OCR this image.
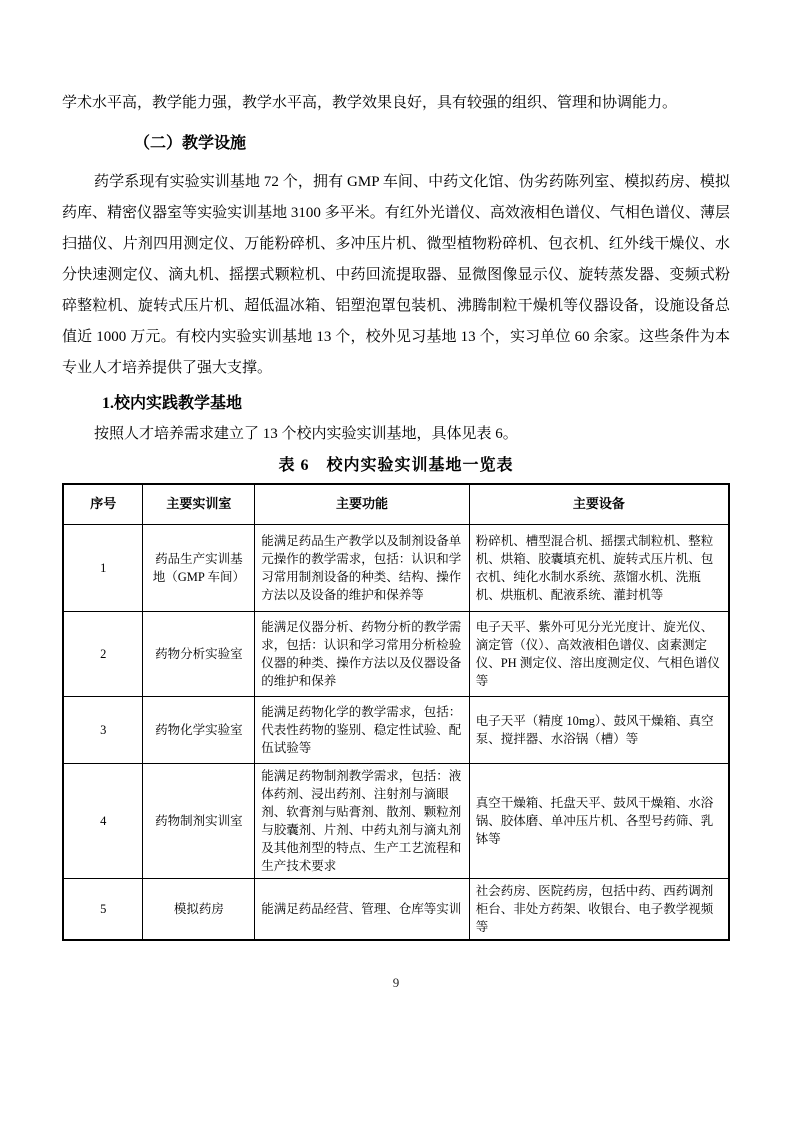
学术水平高，教学能力强，教学水平高，教学效果良好，具有较强的组织、管理和协调能力。

（二）教学设施

药学系现有实验实训基地 72 个，拥有 GMP 车间、中药文化馆、伪劣药陈列室、模拟药房、模拟药库、精密仪器室等实验实训基地 3100 多平米。有红外光谱仪、高效液相色谱仪、气相色谱仪、薄层扫描仪、片剂四用测定仪、万能粉碎机、多冲压片机、微型植物粉碎机、包衣机、红外线干燥仪、水分快速测定仪、滴丸机、摇摆式颗粒机、中药回流提取器、显微图像显示仪、旋转蒸发器、变频式粉碎整粒机、旋转式压片机、超低温冰箱、铝塑泡罩包装机、沸腾制粒干燥机等仪器设备，设施设备总值近 1000 万元。有校内实验实训基地 13 个，校外见习基地 13 个，实习单位 60 余家。这些条件为本专业人才培养提供了强大支撑。

1.校内实践教学基地

按照人才培养需求建立了 13 个校内实验实训基地，具体见表 6。

表 6　校内实验实训基地一览表
序号	主要实训室	主要功能	主要设备
1	药品生产实训基地（GMP 车间）	能满足药品生产教学以及制剂设备单元操作的教学需求，包括：认识和学习常用制剂设备的种类、结构、操作方法以及设备的维护和保养等	粉碎机、槽型混合机、摇摆式制粒机、整粒机、烘箱、胶囊填充机、旋转式压片机、包衣机、纯化水制水系统、蒸馏水机、洗瓶机、烘瓶机、配液系统、灌封机等
2	药物分析实验室	能满足仪器分析、药物分析的教学需求，包括：认识和学习常用分析检验仪器的种类、操作方法以及仪器设备的维护和保养	电子天平、紫外可见分光光度计、旋光仪、滴定管（仪）、高效液相色谱仪、卤素测定仪、PH 测定仪、溶出度测定仪、气相色谱仪等
3	药物化学实验室	能满足药物化学的教学需求，包括：代表性药物的鉴别、稳定性试验、配伍试验等	电子天平（精度 10mg）、鼓风干燥箱、真空泵、搅拌器、水浴锅（槽）等
4	药物制剂实训室	能满足药物制剂教学需求，包括：液体药剂、浸出药剂、注射剂与滴眼剂、软膏剂与贴膏剂、散剂、颗粒剂与胶囊剂、片剂、中药丸剂与滴丸剂及其他剂型的特点、生产工艺流程和生产技术要求	真空干燥箱、托盘天平、鼓风干燥箱、水浴锅、胶体磨、单冲压片机、各型号药筛、乳钵等
5	模拟药房	能满足药品经营、管理、仓库等实训	社会药房、医院药房，包括中药、西药调剂柜台、非处方药架、收银台、电子教学视频等
9
